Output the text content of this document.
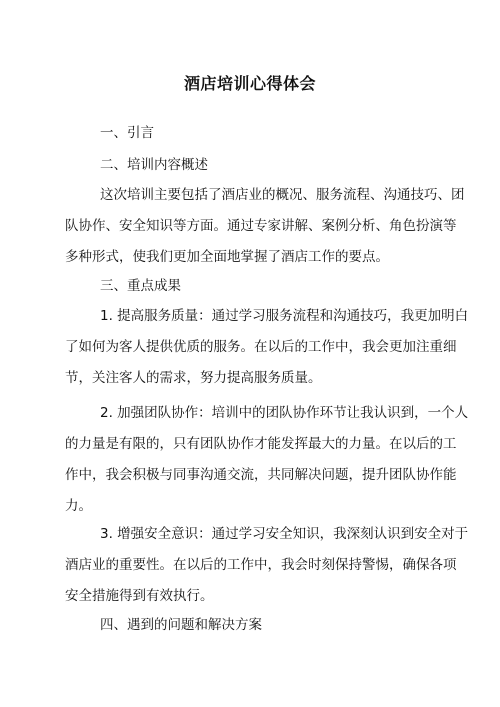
酒店培训心得体会
一、引言
二、培训内容概述
这次培训主要包括了酒店业的概况、服务流程、沟通技巧、团
队协作、安全知识等方面。通过专家讲解、案例分析、角色扮演等
多种形式，使我们更加全面地掌握了酒店工作的要点。
三、重点成果
1. 提高服务质量：通过学习服务流程和沟通技巧，我更加明白
了如何为客人提供优质的服务。在以后的工作中，我会更加注重细
节，关注客人的需求，努力提高服务质量。
2. 加强团队协作：培训中的团队协作环节让我认识到，一个人
的力量是有限的，只有团队协作才能发挥最大的力量。在以后的工
作中，我会积极与同事沟通交流，共同解决问题，提升团队协作能
力。
3. 增强安全意识：通过学习安全知识，我深刻认识到安全对于
酒店业的重要性。在以后的工作中，我会时刻保持警惕，确保各项
安全措施得到有效执行。
四、遇到的问题和解决方案
